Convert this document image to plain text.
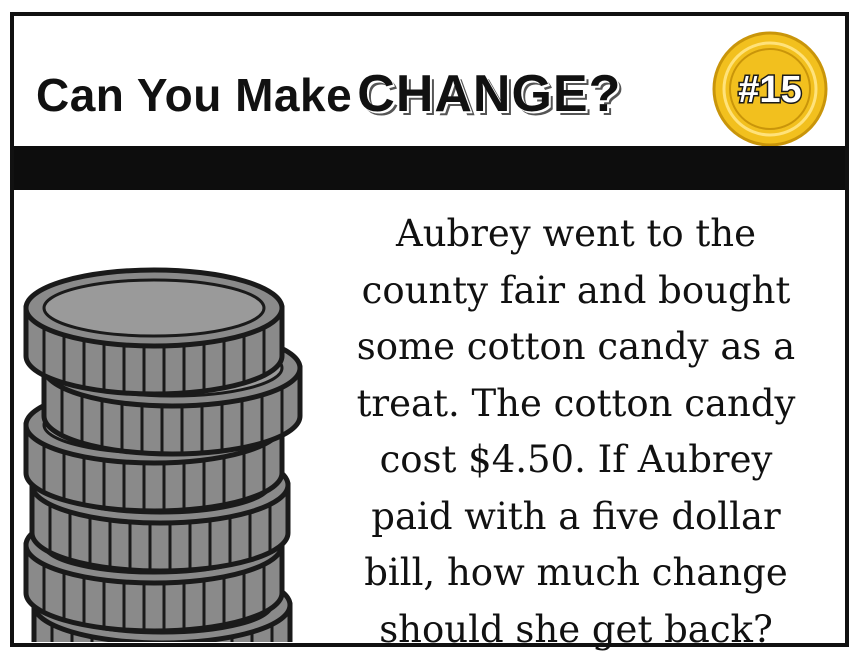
Can You Make CHANGE?	#15
Aubrey went to the
county fair and bought
some cotton candy as a
treat. The cotton candy
cost $4.50. If Aubrey
paid with a five dollar
bill, how much change
should she get back?
